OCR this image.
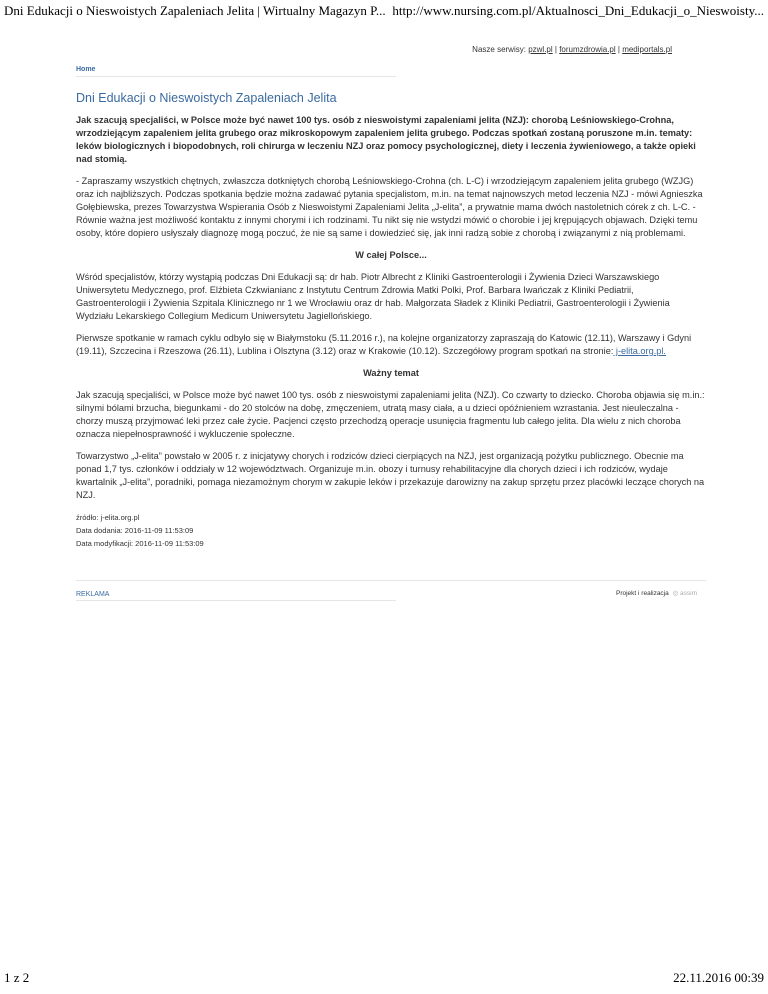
Dni Edukacji o Nieswoistych Zapaleniach Jelita | Wirtualny Magazyn P... http://www.nursing.com.pl/Aktualnosci_Dni_Edukacji_o_Nieswoisty...
Nasze serwisy: pzwl.pl | forumzdrowia.pl | mediportals.pl
Home
Dni Edukacji o Nieswoistych Zapaleniach Jelita

Jak szacują specjaliści, w Polsce może być nawet 100 tys. osób z nieswoistymi zapaleniami jelita (NZJ): chorobą Leśniowskiego-Crohna, wrzodziejącym zapaleniem jelita grubego oraz mikroskopowym zapaleniem jelita grubego. Podczas spotkań zostaną poruszone m.in. tematy: leków biologicznych i biopodobnych, roli chirurga w leczeniu NZJ oraz pomocy psychologicznej, diety i leczenia żywieniowego, a także opieki nad stomią.

- Zapraszamy wszystkich chętnych, zwłaszcza dotkniętych chorobą Leśniowskiego-Crohna (ch. L-C) i wrzodziejącym zapaleniem jelita grubego (WZJG) oraz ich najbliższych. Podczas spotkania będzie można zadawać pytania specjalistom, m.in. na temat najnowszych metod leczenia NZJ - mówi Agnieszka Gołębiewska, prezes Towarzystwa Wspierania Osób z Nieswoistymi Zapaleniami Jelita „J-elita”, a prywatnie mama dwóch nastoletnich córek z ch. L-C. - Równie ważna jest możliwość kontaktu z innymi chorymi i ich rodzinami. Tu nikt się nie wstydzi mówić o chorobie i jej krępujących objawach. Dzięki temu osoby, które dopiero usłyszały diagnozę mogą poczuć, że nie są same i dowiedzieć się, jak inni radzą sobie z chorobą i związanymi z nią problemami.

W całej Polsce...

Wśród specjalistów, którzy wystąpią podczas Dni Edukacji są: dr hab. Piotr Albrecht z Kliniki Gastroenterologii i Żywienia Dzieci Warszawskiego Uniwersytetu Medycznego, prof. Elżbieta Czkwianianc z Instytutu Centrum Zdrowia Matki Polki, Prof. Barbara Iwańczak z Kliniki Pediatrii, Gastroenterologii i Żywienia Szpitala Klinicznego nr 1 we Wrocławiu oraz dr hab. Małgorzata Sładek z Kliniki Pediatrii, Gastroenterologii i Żywienia Wydziału Lekarskiego Collegium Medicum Uniwersytetu Jagiellońskiego.

Pierwsze spotkanie w ramach cyklu odbyło się w Białymstoku (5.11.2016 r.), na kolejne organizatorzy zapraszają do Katowic (12.11), Warszawy i Gdyni (19.11), Szczecina i Rzeszowa (26.11), Lublina i Olsztyna (3.12) oraz w Krakowie (10.12). Szczegółowy program spotkań na stronie: j-elita.org.pl.

Ważny temat

Jak szacują specjaliści, w Polsce może być nawet 100 tys. osób z nieswoistymi zapaleniami jelita (NZJ). Co czwarty to dziecko. Choroba objawia się m.in.: silnymi bólami brzucha, biegunkami - do 20 stolców na dobę, zmęczeniem, utratą masy ciała, a u dzieci opóźnieniem wzrastania. Jest nieuleczalna - chorzy muszą przyjmować leki przez całe życie. Pacjenci często przechodzą operacje usunięcia fragmentu lub całego jelita. Dla wielu z nich choroba oznacza niepełnosprawność i wykluczenie społeczne.

Towarzystwo „J-elita” powstało w 2005 r. z inicjatywy chorych i rodziców dzieci cierpiących na NZJ, jest organizacją pożytku publicznego. Obecnie ma ponad 1,7 tys. członków i oddziały w 12 województwach. Organizuje m.in. obozy i turnusy rehabilitacyjne dla chorych dzieci i ich rodziców, wydaje kwartalnik „J-elita”, poradniki, pomaga niezamożnym chorym w zakupie leków i przekazuje darowizny na zakup sprzętu przez placówki leczące chorych na NZJ.

źródło: j-elita.org.pl
Data dodania: 2016-11-09 11:53:09
Data modyfikacji: 2016-11-09 11:53:09
REKLAMA	Projekt i realizacja ◎ assim
1 z 2	22.11.2016 00:39
